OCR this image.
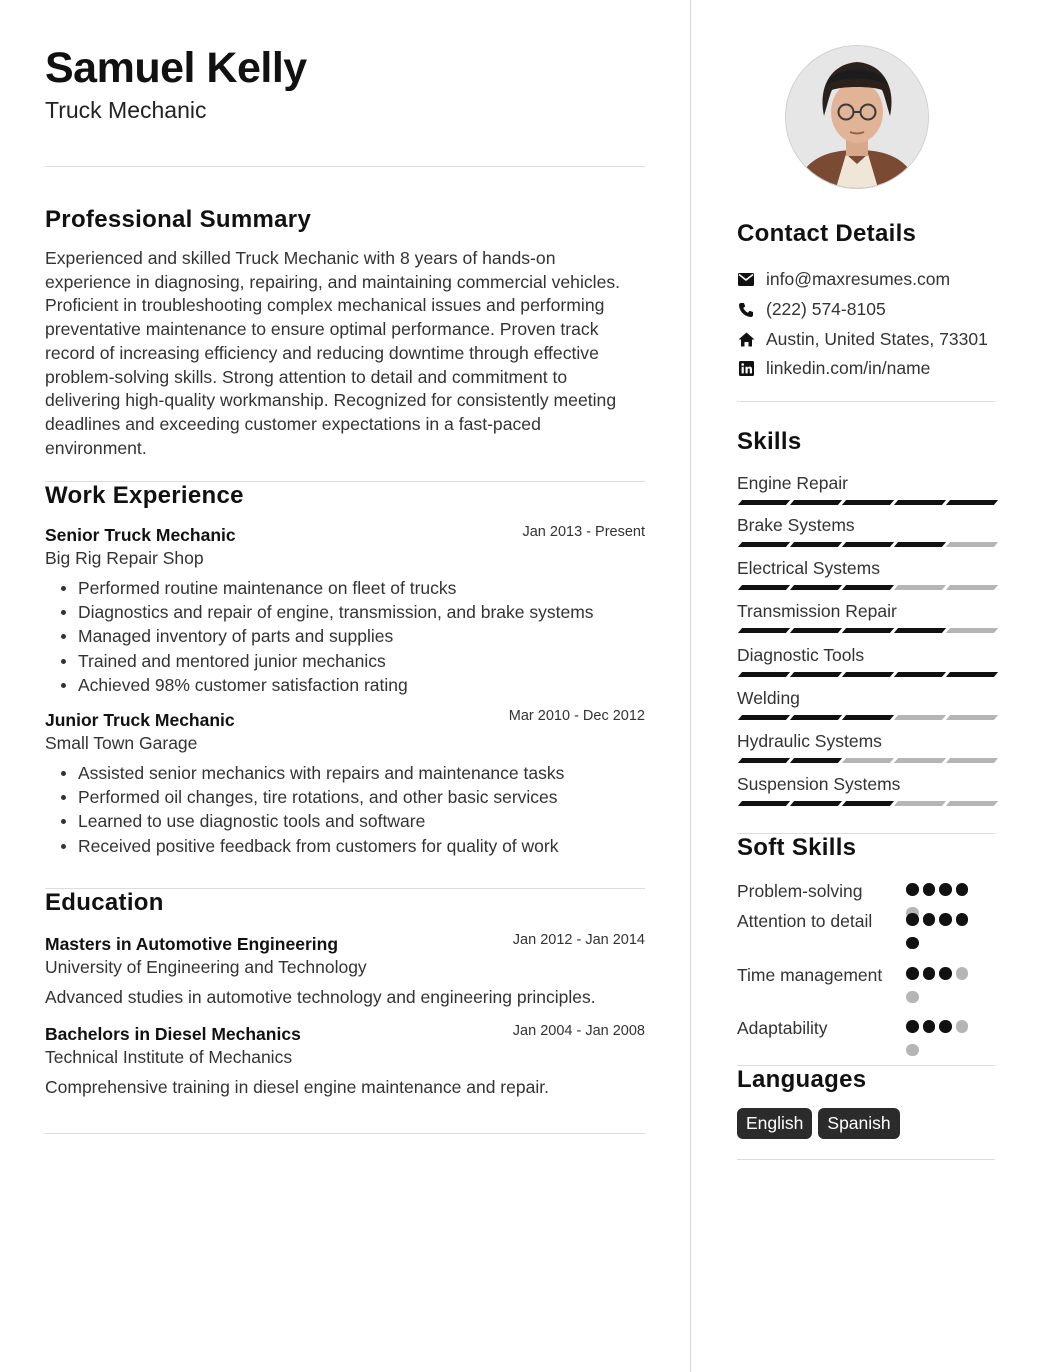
Samuel Kelly
Truck Mechanic
Professional Summary

Experienced and skilled Truck Mechanic with 8 years of hands-on experience in diagnosing, repairing, and maintaining commercial vehicles. Proficient in troubleshooting complex mechanical issues and performing preventative maintenance to ensure optimal performance. Proven track record of increasing efficiency and reducing downtime through effective problem-solving skills. Strong attention to detail and commitment to delivering high-quality workmanship. Recognized for consistently meeting deadlines and exceeding customer expectations in a fast-paced environment.

Work Experience
Senior Truck Mechanic	Jan 2013 - Present
Big Rig Repair Shop
Performed routine maintenance on fleet of trucks
Diagnostics and repair of engine, transmission, and brake systems
Managed inventory of parts and supplies
Trained and mentored junior mechanics
Achieved 98% customer satisfaction rating
Junior Truck Mechanic	Mar 2010 - Dec 2012
Small Town Garage
Assisted senior mechanics with repairs and maintenance tasks
Performed oil changes, tire rotations, and other basic services
Learned to use diagnostic tools and software
Received positive feedback from customers for quality of work
Education
Masters in Automotive Engineering	Jan 2012 - Jan 2014
University of Engineering and Technology
Advanced studies in automotive technology and engineering principles.
Bachelors in Diesel Mechanics	Jan 2004 - Jan 2008
Technical Institute of Mechanics
Comprehensive training in diesel engine maintenance and repair.
Contact Details
info@maxresumes.com
(222) 574-8105
Austin, United States, 73301
linkedin.com/in/name
Skills
Engine Repair
Brake Systems
Electrical Systems
Transmission Repair
Diagnostic Tools
Welding
Hydraulic Systems
Suspension Systems
Soft Skills
Problem-solving
Attention to detail
Time management
Adaptability
Languages
English	Spanish
